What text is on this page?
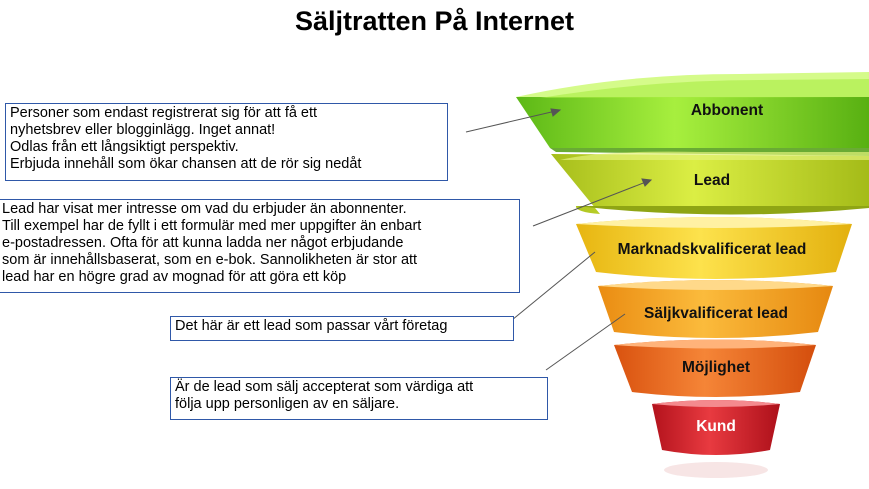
Säljtratten På Internet
Abbonent
Lead
Marknadskvalificerat lead
Säljkvalificerat lead
Möjlighet
Kund
Personer som endast registrerat sig för att få ett
nyhetsbrev eller blogginlägg. Inget annat!
Odlas från ett långsiktigt perspektiv.
Erbjuda innehåll som ökar chansen att de rör sig nedåt
Lead har visat mer intresse om vad du erbjuder än abonnenter.
Till exempel har de fyllt i ett formulär med mer uppgifter än enbart
e-postadressen. Ofta för att kunna ladda ner något erbjudande
som är innehållsbaserat, som en e-bok. Sannolikheten är stor att
lead har en högre grad av mognad för att göra ett köp
Det här är ett lead som passar vårt företag
Är de lead som sälj accepterat som värdiga att
följa upp personligen av en säljare.
